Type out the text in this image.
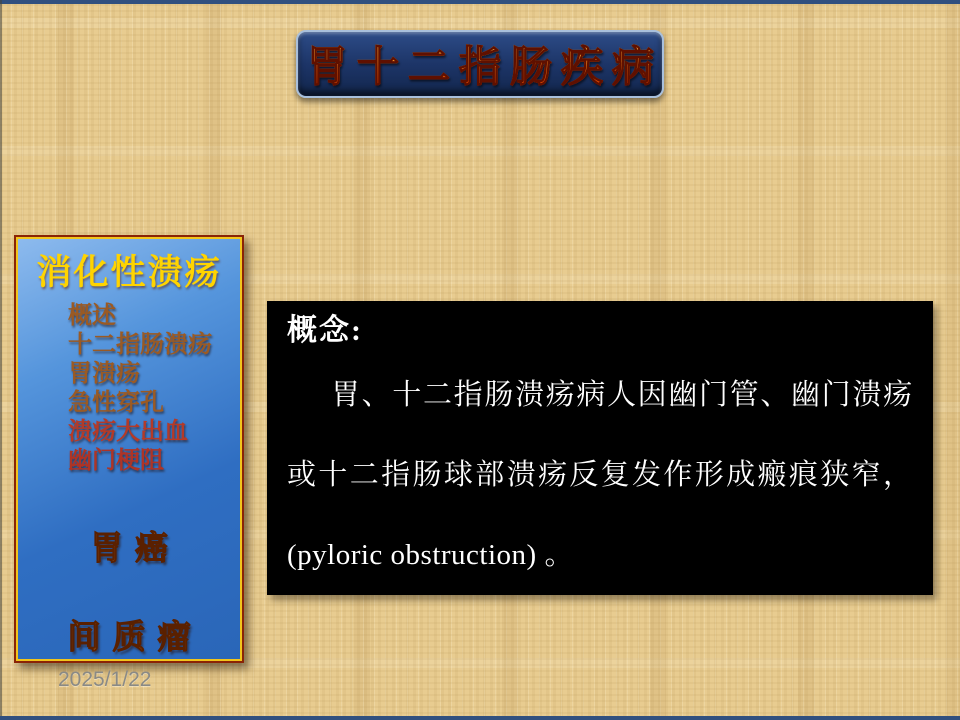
胃十二指肠疾病
消化性溃疡
概述
十二指肠溃疡
胃溃疡
急性穿孔
溃疡大出血
幽门梗阻
胃癌
间质瘤
概念:
胃、十二指肠溃疡病人因幽门管、幽门溃疡
或十二指肠球部溃疡反复发作形成瘢痕狭窄，
(pyloric obstruction) 。
2025/1/22
